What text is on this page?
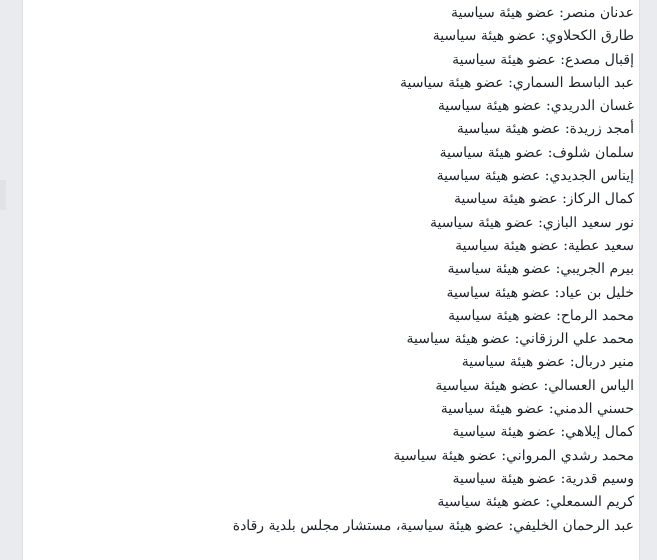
عدنان منصر: عضو هيئة سياسية
طارق الكحلاوي: عضو هيئة سياسية
إقبال مصدع: عضو هيئة سياسية
عبد الباسط السماري: عضو هيئة سياسية
غسان الدريدي: عضو هيئة سياسية
أمجد زريدة: عضو هيئة سياسية
سلمان شلوف: عضو هيئة سياسية
إيناس الجديدي: عضو هيئة سياسية
كمال الركاز: عضو هيئة سياسية
نور سعيد البازي: عضو هيئة سياسية
سعيد عطية: عضو هيئة سياسية
بيرم الجريبي: عضو هيئة سياسية
خليل بن عياد: عضو هيئة سياسية
محمد الرماح: عضو هيئة سياسية
محمد علي الرزقاني: عضو هيئة سياسية
منير دربال: عضو هيئة سياسية
الياس العسالي: عضو هيئة سياسية
حسني الدمني: عضو هيئة سياسية
كمال إيلاهي: عضو هيئة سياسية
محمد رشدي المرواني: عضو هيئة سياسية
وسيم قدرية: عضو هيئة سياسية
كريم السمعلي: عضو هيئة سياسية
عبد الرحمان الخليفي: عضو هيئة سياسية، مستشار مجلس بلدية رقادة
